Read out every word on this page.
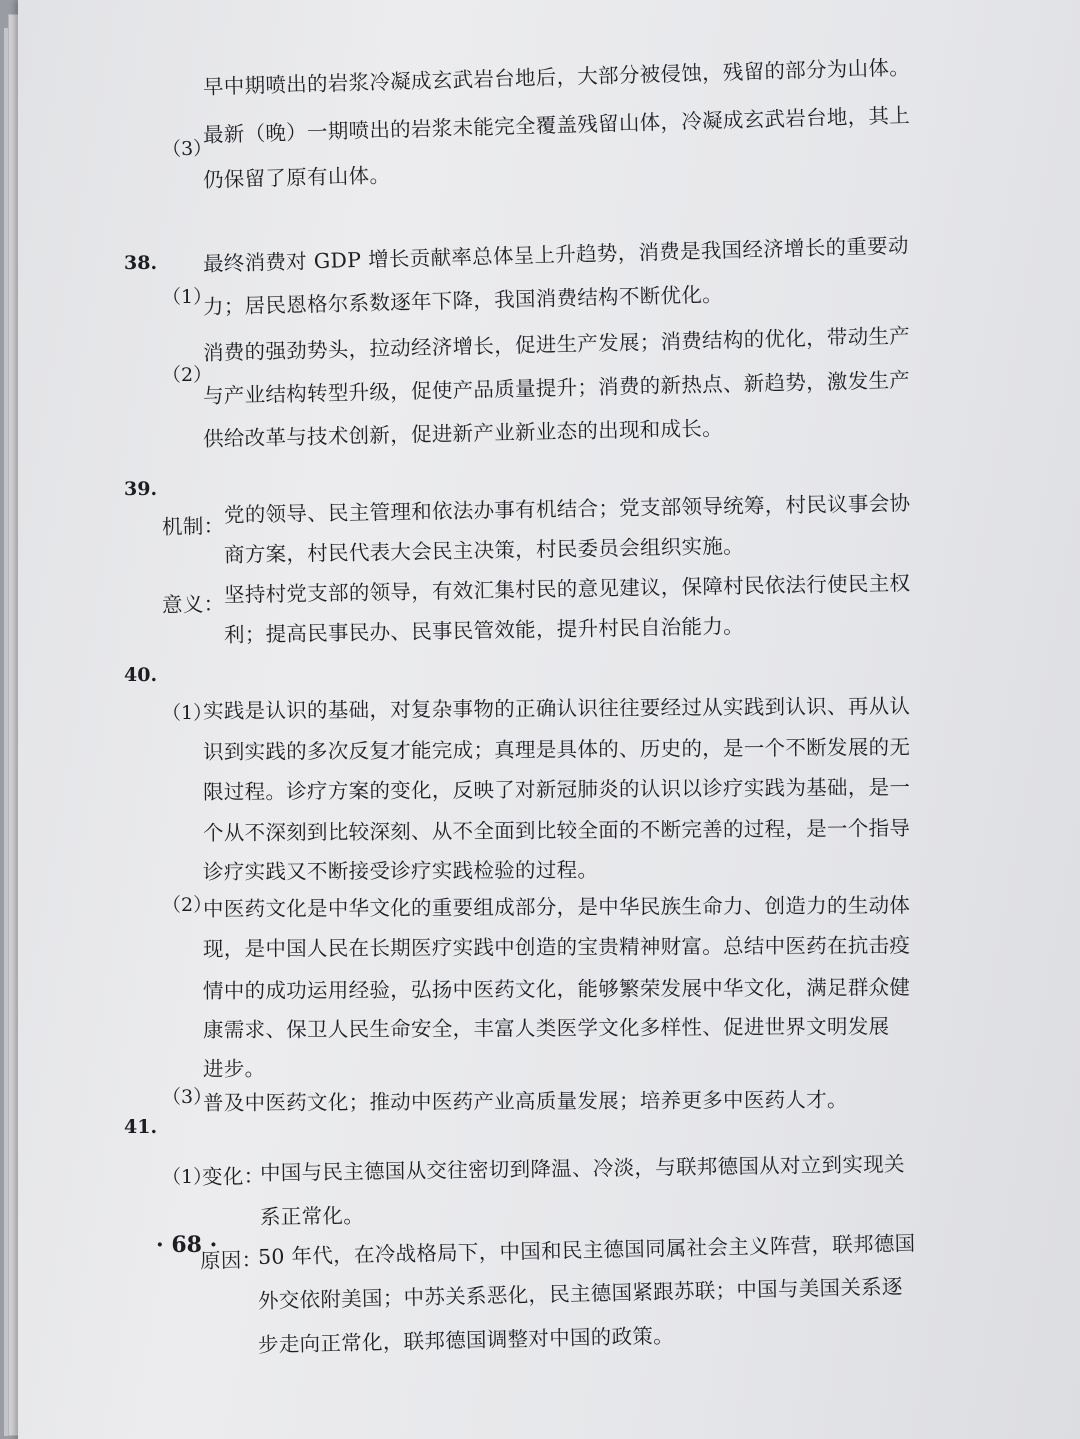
早中期喷出的岩浆冷凝成玄武岩台地后，大部分被侵蚀，残留的部分为山体。
（3）
最新（晚）一期喷出的岩浆未能完全覆盖残留山体，冷凝成玄武岩台地，其上
仍保留了原有山体。
38.
（1）
最终消费对 GDP 增长贡献率总体呈上升趋势，消费是我国经济增长的重要动
力；居民恩格尔系数逐年下降，我国消费结构不断优化。
（2）
消费的强劲势头，拉动经济增长，促进生产发展；消费结构的优化，带动生产
与产业结构转型升级，促使产品质量提升；消费的新热点、新趋势，激发生产
供给改革与技术创新，促进新产业新业态的出现和成长。
39.
机制： 党的领导、民主管理和依法办事有机结合；党支部领导统筹，村民议事会协
商方案，村民代表大会民主决策，村民委员会组织实施。
意义： 坚持村党支部的领导，有效汇集村民的意见建议，保障村民依法行使民主权
利；提高民事民办、民事民管效能，提升村民自治能力。
40.
（1）
实践是认识的基础，对复杂事物的正确认识往往要经过从实践到认识、再从认
识到实践的多次反复才能完成；真理是具体的、历史的，是一个不断发展的无
限过程。诊疗方案的变化，反映了对新冠肺炎的认识以诊疗实践为基础，是一
个从不深刻到比较深刻、从不全面到比较全面的不断完善的过程，是一个指导
诊疗实践又不断接受诊疗实践检验的过程。
（2）
中医药文化是中华文化的重要组成部分，是中华民族生命力、创造力的生动体
现，是中国人民在长期医疗实践中创造的宝贵精神财富。总结中医药在抗击疫
情中的成功运用经验，弘扬中医药文化，能够繁荣发展中华文化，满足群众健
康需求、保卫人民生命安全，丰富人类医学文化多样性、促进世界文明发展
进步。
（3）
普及中医药文化；推动中医药产业高质量发展；培养更多中医药人才。
41.
（1）
变化：
中国与民主德国从交往密切到降温、冷淡，与联邦德国从对立到实现关
系正常化。
原因：
50 年代，在冷战格局下，中国和民主德国同属社会主义阵营，联邦德国
外交依附美国；中苏关系恶化，民主德国紧跟苏联；中国与美国关系逐
步走向正常化，联邦德国调整对中国的政策。
· 68 ·
